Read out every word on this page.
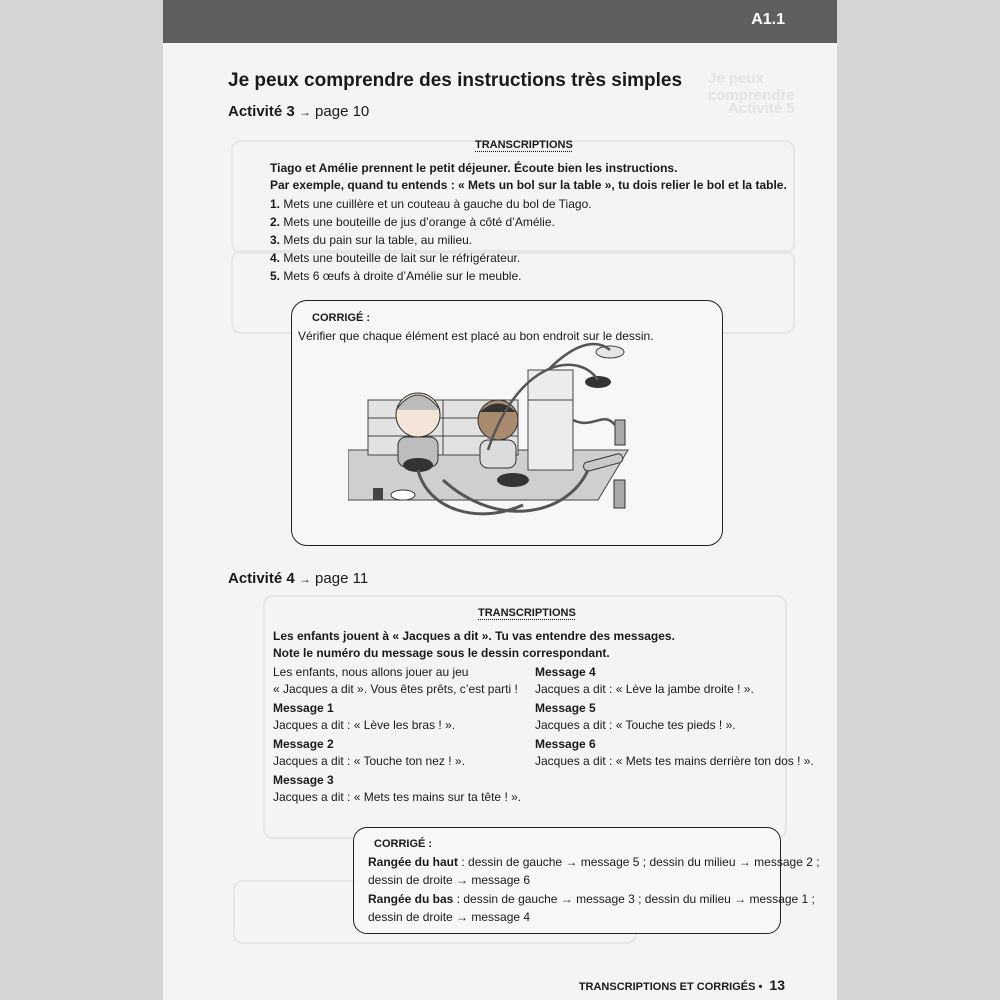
Je peux comprendre
Activité 5
A1.1
Je peux comprendre des instructions très simples
Activité 3 → page 10
TRANSCRIPTIONS
Tiago et Amélie prennent le petit déjeuner. Écoute bien les instructions.
Par exemple, quand tu entends : « Mets un bol sur la table », tu dois relier le bol et la table.
1. Mets une cuillère et un couteau à gauche du bol de Tiago.
2. Mets une bouteille de jus d’orange à côté d’Amélie.
3. Mets du pain sur la table, au milieu.
4. Mets une bouteille de lait sur le réfrigérateur.
5. Mets 6 œufs à droite d’Amélie sur le meuble.
CORRIGÉ :
Vérifier que chaque élément est placé au bon endroit sur le dessin.
Activité 4 → page 11
TRANSCRIPTIONS
Les enfants jouent à « Jacques a dit ». Tu vas entendre des messages.
Note le numéro du message sous le dessin correspondant.
Les enfants, nous allons jouer au jeu
« Jacques a dit ». Vous êtes prêts, c’est parti !
Message 1
Jacques a dit : « Lève les bras ! ».
Message 2
Jacques a dit : « Touche ton nez ! ».
Message 3
Jacques a dit : « Mets tes mains sur ta tête ! ».
Message 4
Jacques a dit : « Lève la jambe droite ! ».
Message 5
Jacques a dit : « Touche tes pieds ! ».
Message 6
Jacques a dit : « Mets tes mains derrière ton dos ! ».
CORRIGÉ :
Rangée du haut : dessin de gauche → message 5 ; dessin du milieu → message 2 ;
dessin de droite → message 6
Rangée du bas : dessin de gauche → message 3 ; dessin du milieu → message 1 ;
dessin de droite → message 4
TRANSCRIPTIONS ET CORRIGÉS • 13
